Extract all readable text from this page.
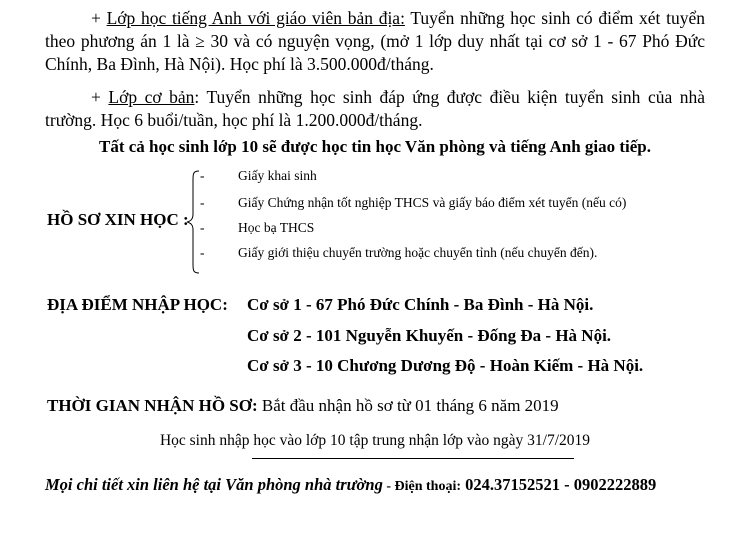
+ Lớp học tiếng Anh với giáo viên bản địa: Tuyển những học sinh có điểm xét tuyển theo phương án 1 là ≥ 30 và có nguyện vọng, (mở 1 lớp duy nhất tại cơ sở 1 - 67 Phó Đức Chính, Ba Đình, Hà Nội). Học phí là 3.500.000đ/tháng.
+ Lớp cơ bản: Tuyển những học sinh đáp ứng được điều kiện tuyển sinh của nhà trường. Học 6 buổi/tuần, học phí là 1.200.000đ/tháng.
Tất cả học sinh lớp 10 sẽ được học tin học Văn phòng và tiếng Anh giao tiếp.
HỒ SƠ XIN HỌC :
- Giấy khai sinh
- Giấy Chứng nhận tốt nghiệp THCS và giấy báo điểm xét tuyển (nếu có)
- Học bạ THCS
- Giấy giới thiệu chuyển trường hoặc chuyển tỉnh (nếu chuyển đến).
ĐỊA ĐIỂM NHẬP HỌC: Cơ sở 1 - 67 Phó Đức Chính - Ba Đình - Hà Nội.
Cơ sở 2 - 101 Nguyễn Khuyến - Đống Đa - Hà Nội.
Cơ sở 3 - 10 Chương Dương Độ - Hoàn Kiếm - Hà Nội.
THỜI GIAN NHẬN HỒ SƠ: Bắt đầu nhận hồ sơ từ 01 tháng 6 năm 2019
Học sinh nhập học vào lớp 10 tập trung nhận lớp vào ngày 31/7/2019
Mọi chi tiết xin liên hệ tại Văn phòng nhà trường - Điện thoại: 024.37152521 - 0902222889
